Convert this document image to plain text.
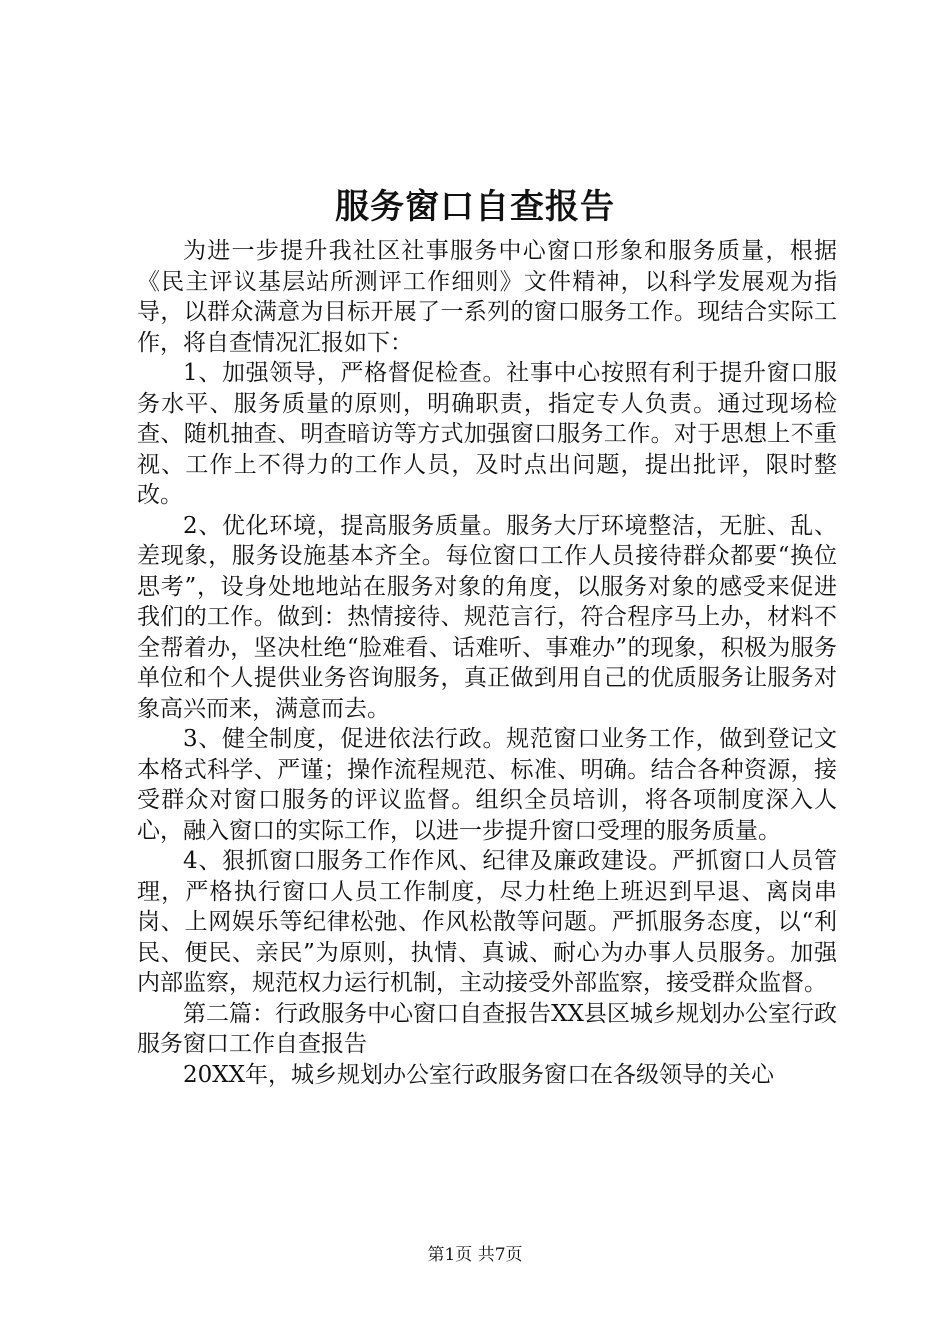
服务窗口自查报告

为进一步提升我社区社事服务中心窗口形象和服务质量，根据《民主评议基层站所测评工作细则》文件精神，以科学发展观为指导，以群众满意为目标开展了一系列的窗口服务工作。现结合实际工作，将自查情况汇报如下：

1、加强领导，严格督促检查。社事中心按照有利于提升窗口服务水平、服务质量的原则，明确职责，指定专人负责。通过现场检查、随机抽查、明查暗访等方式加强窗口服务工作。对于思想上不重视、工作上不得力的工作人员，及时点出问题，提出批评，限时整改。

2、优化环境，提高服务质量。服务大厅环境整洁，无脏、乱、差现象，服务设施基本齐全。每位窗口工作人员接待群众都要“换位思考”，设身处地地站在服务对象的角度，以服务对象的感受来促进我们的工作。做到：热情接待、规范言行，符合程序马上办，材料不全帮着办，坚决杜绝“脸难看、话难听、事难办”的现象，积极为服务单位和个人提供业务咨询服务，真正做到用自己的优质服务让服务对象高兴而来，满意而去。

3、健全制度，促进依法行政。规范窗口业务工作，做到登记文本格式科学、严谨；操作流程规范、标准、明确。结合各种资源，接受群众对窗口服务的评议监督。组织全员培训，将各项制度深入人心，融入窗口的实际工作，以进一步提升窗口受理的服务质量。

4、狠抓窗口服务工作作风、纪律及廉政建设。严抓窗口人员管理，严格执行窗口人员工作制度，尽力杜绝上班迟到早退、离岗串岗、上网娱乐等纪律松弛、作风松散等问题。严抓服务态度，以“利民、便民、亲民”为原则，执情、真诚、耐心为办事人员服务。加强内部监察，规范权力运行机制，主动接受外部监察，接受群众监督。

第二篇：行政服务中心窗口自查报告XX县区城乡规划办公室行政服务窗口工作自查报告

20XX年，城乡规划办公室行政服务窗口在各级领导的关心

第1页 共7页
